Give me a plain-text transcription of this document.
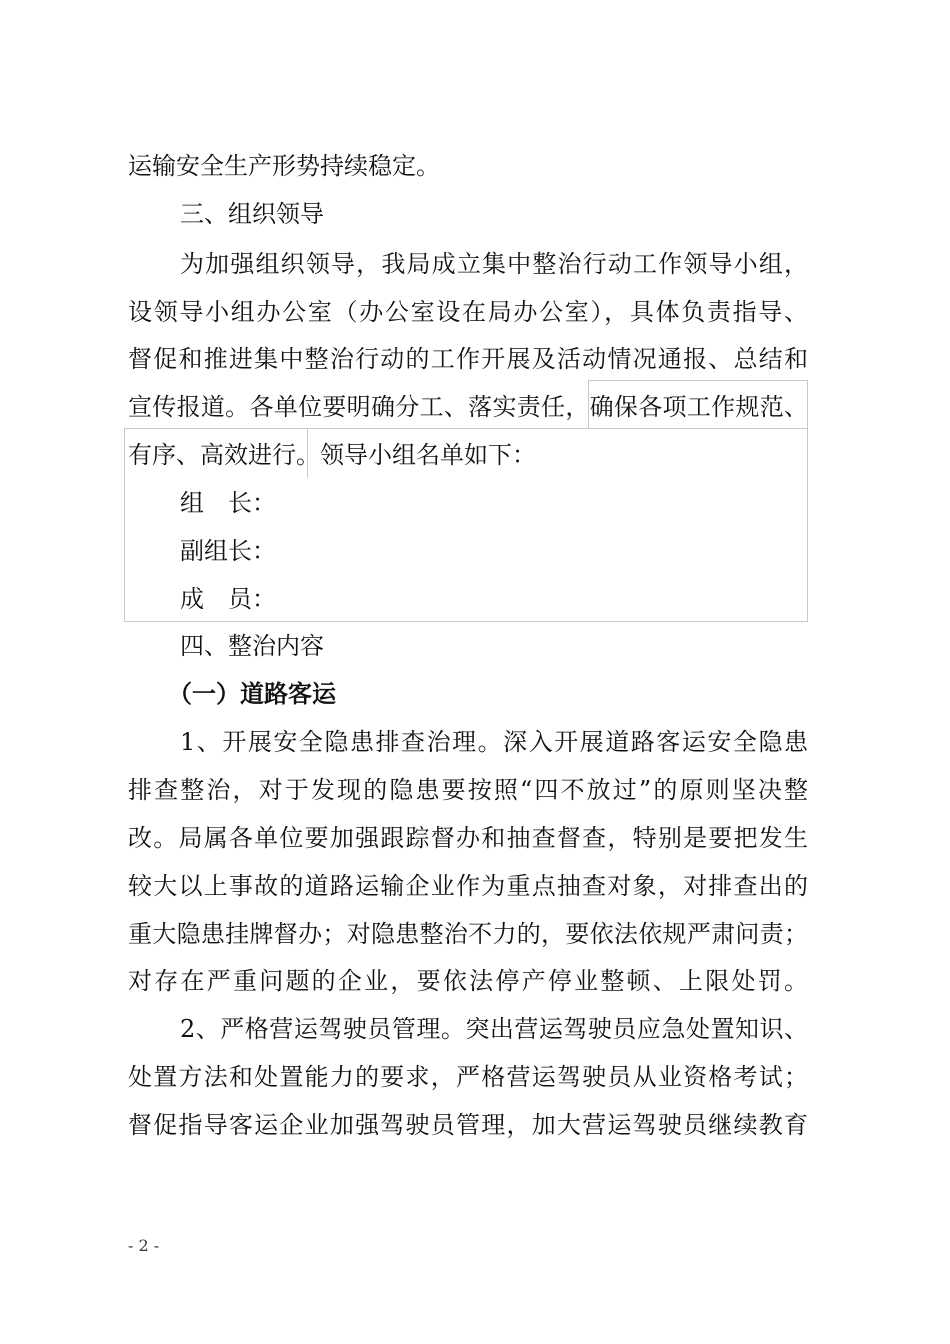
运输安全生产形势持续稳定。
三、组织领导
为加强组织领导，我局成立集中整治行动工作领导小组，
设领导小组办公室（办公室设在局办公室），具体负责指导、
督促和推进集中整治行动的工作开展及活动情况通报、总结和
宣传报道。各单位要明确分工、落实责任，确保各项工作规范、
有序、高效进行。领导小组名单如下：
组　长：
副组长：
成　员：
四、整治内容
（一）道路客运
1、开展安全隐患排查治理。深入开展道路客运安全隐患
排查整治，对于发现的隐患要按照“四不放过”的原则坚决整
改。局属各单位要加强跟踪督办和抽查督查，特别是要把发生
较大以上事故的道路运输企业作为重点抽查对象，对排查出的
重大隐患挂牌督办；对隐患整治不力的，要依法依规严肃问责；
对存在严重问题的企业，要依法停产停业整顿、上限处罚。
2、严格营运驾驶员管理。突出营运驾驶员应急处置知识、
处置方法和处置能力的要求，严格营运驾驶员从业资格考试；
督促指导客运企业加强驾驶员管理，加大营运驾驶员继续教育
- 2 -
